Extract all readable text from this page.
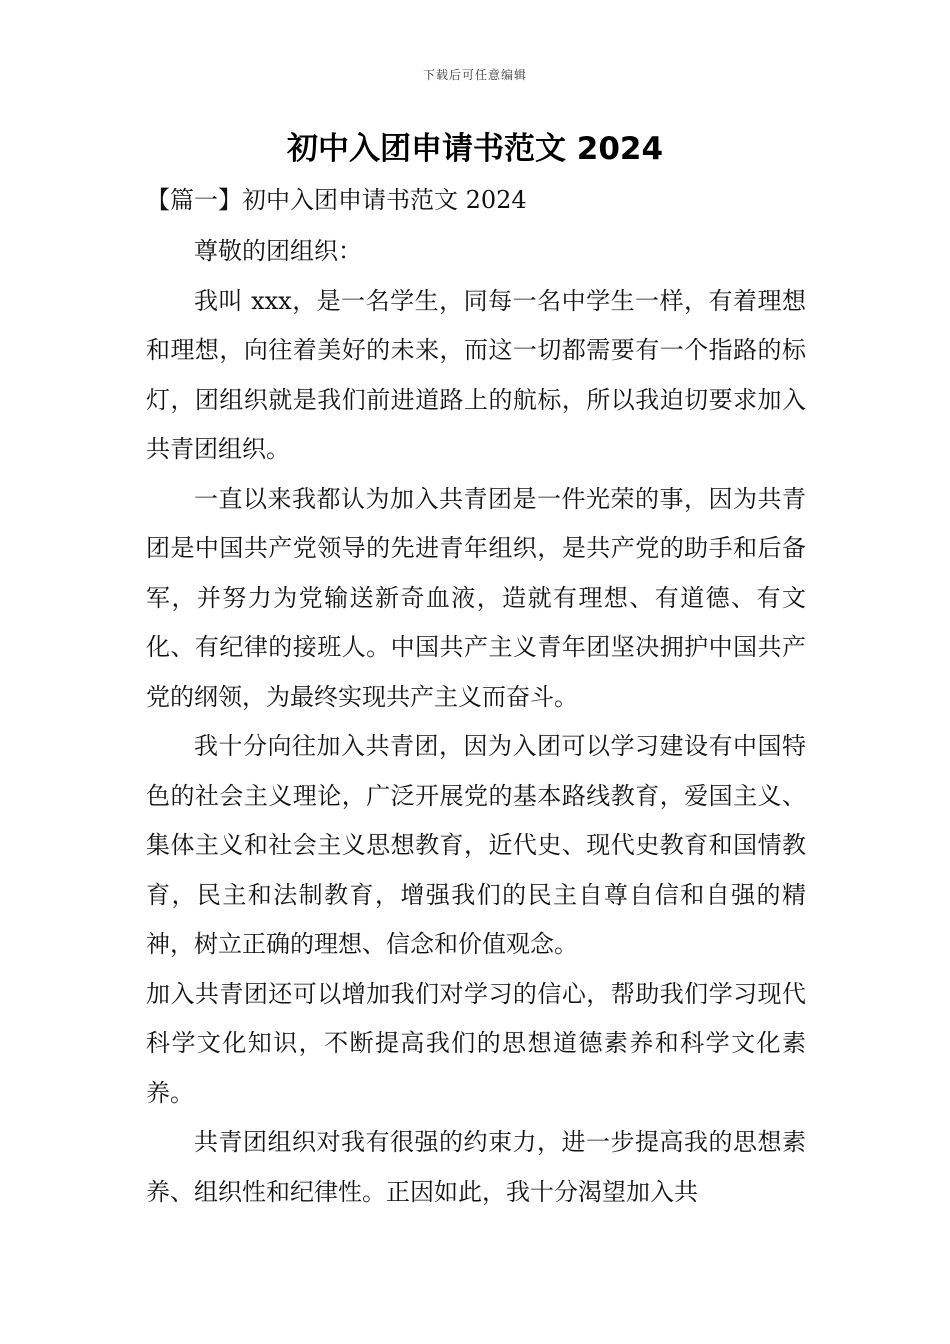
下载后可任意编辑
初中入团申请书范文 2024
【篇一】初中入团申请书范文 2024

尊敬的团组织：

我叫 xxx，是一名学生，同每一名中学生一样，有着理想和理想，向往着美好的未来，而这一切都需要有一个指路的标灯，团组织就是我们前进道路上的航标，所以我迫切要求加入共青团组织。

一直以来我都认为加入共青团是一件光荣的事，因为共青团是中国共产党领导的先进青年组织，是共产党的助手和后备军，并努力为党输送新奇血液，造就有理想、有道德、有文化、有纪律的接班人。中国共产主义青年团坚决拥护中国共产党的纲领，为最终实现共产主义而奋斗。

我十分向往加入共青团，因为入团可以学习建设有中国特色的社会主义理论，广泛开展党的基本路线教育，爱国主义、集体主义和社会主义思想教育，近代史、现代史教育和国情教育，民主和法制教育，增强我们的民主自尊自信和自强的精神，树立正确的理想、信念和价值观念。

加入共青团还可以增加我们对学习的信心，帮助我们学习现代科学文化知识，不断提高我们的思想道德素养和科学文化素养。

共青团组织对我有很强的约束力，进一步提高我的思想素养、组织性和纪律性。正因如此，我十分渴望加入共
